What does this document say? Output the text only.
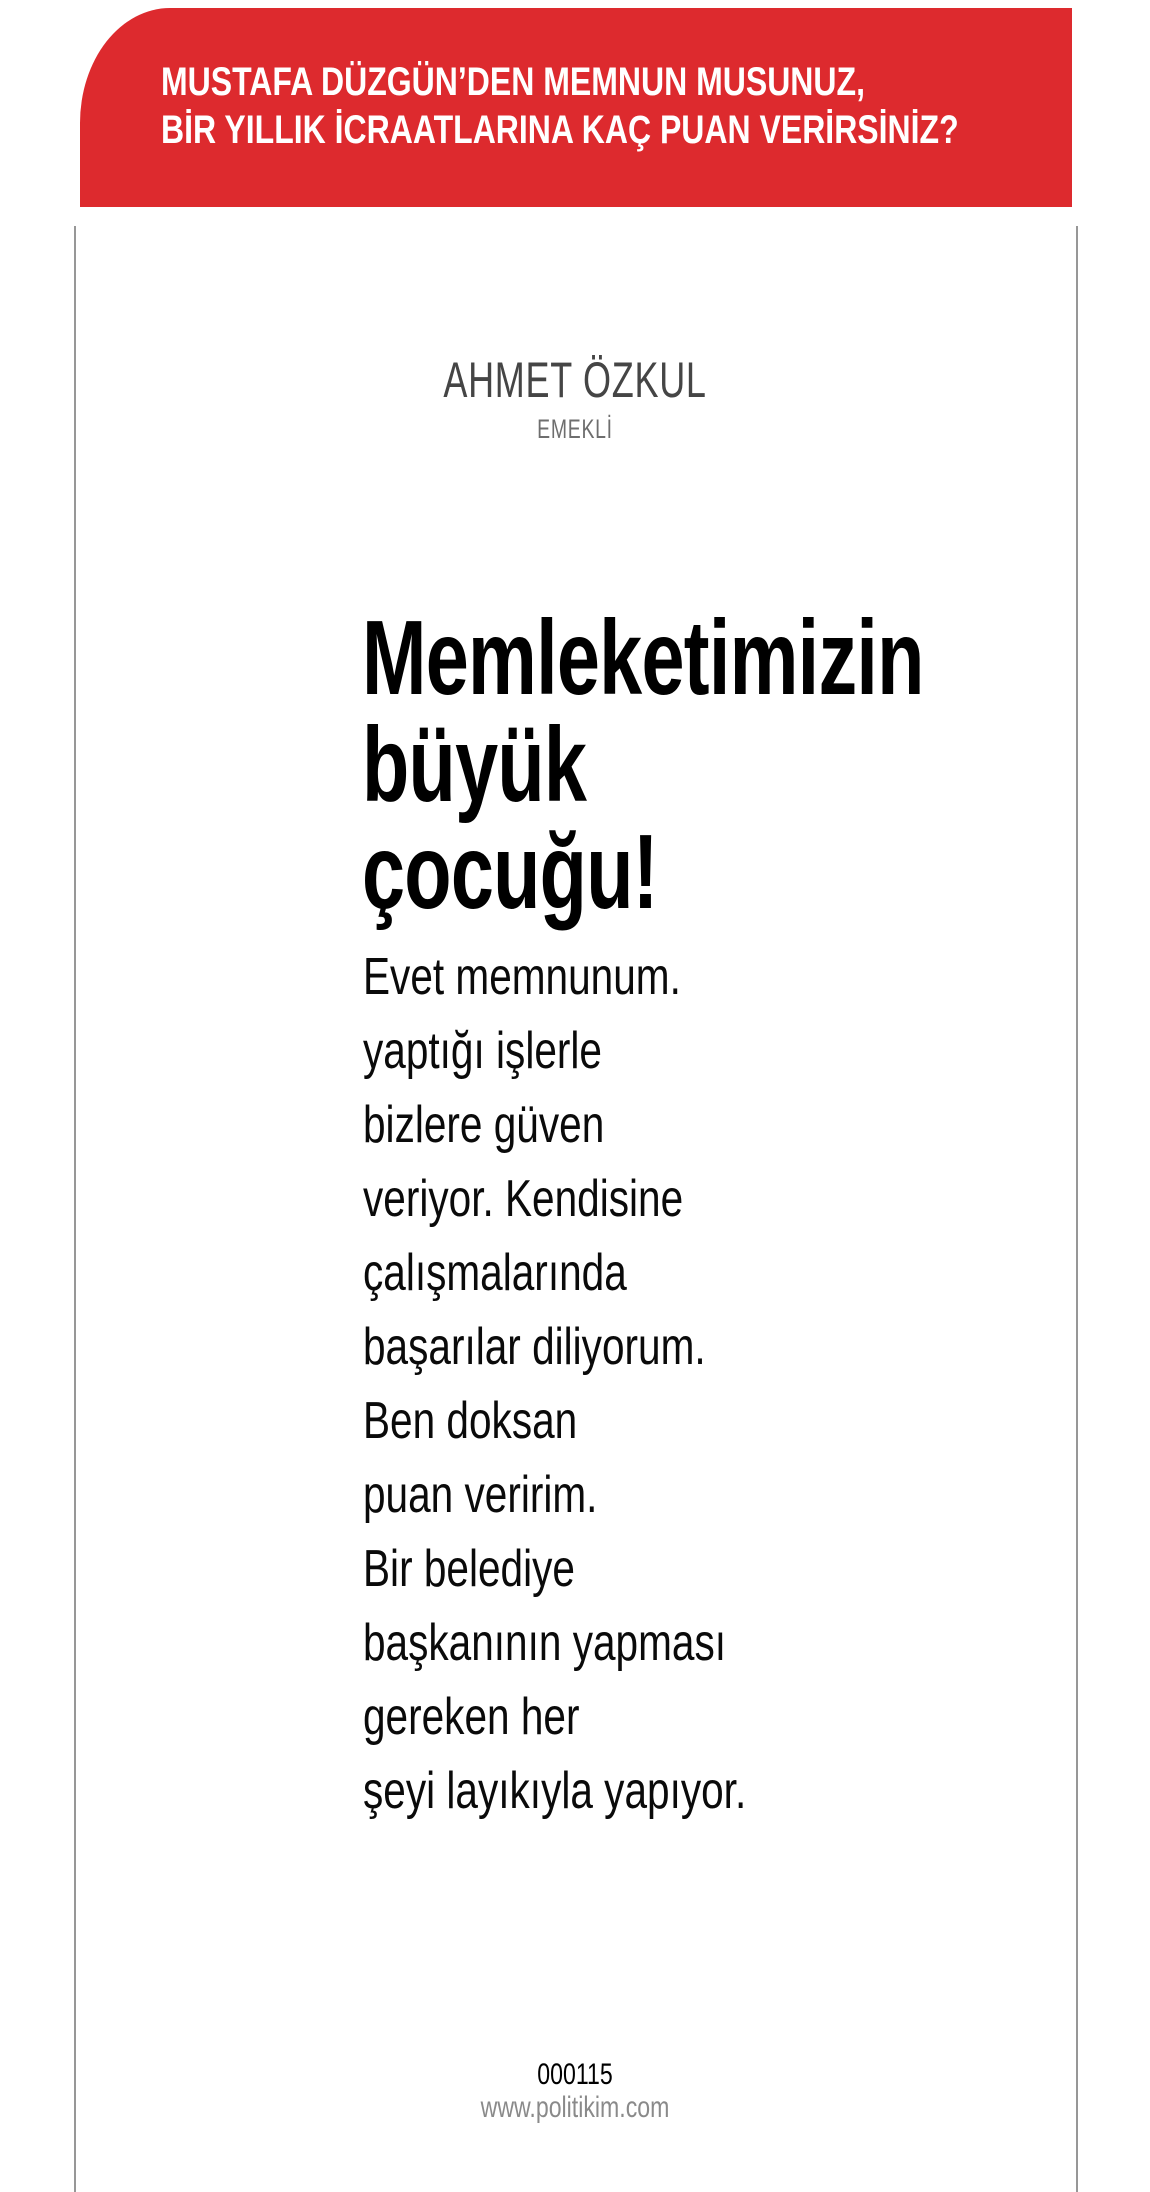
MUSTAFA DÜZGÜN’DEN MEMNUN MUSUNUZ,
BİR YILLIK İCRAATLARINA KAÇ PUAN VERİRSİNİZ?
AHMET ÖZKUL
EMEKLİ
Memleketimizin
büyük
çocuğu!
Evet memnunum.
yaptığı işlerle
bizlere güven
veriyor. Kendisine
çalışmalarında
başarılar diliyorum.
Ben doksan
puan veririm.
Bir belediye
başkanının yapması
gereken her
şeyi layıkıyla yapıyor.
000115
www.politikim.com
